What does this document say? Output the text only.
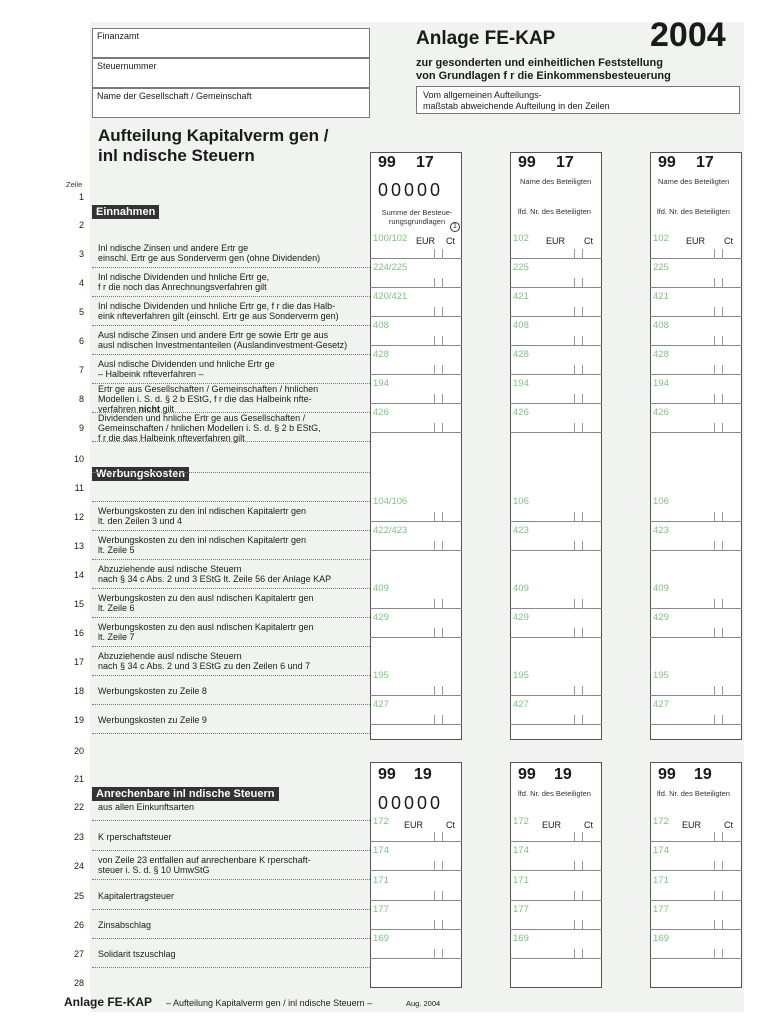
Finanzamt
Steuernummer
Name der Gesellschaft / Gemeinschaft
Anlage FE-KAP	2004
zur gesonderten und einheitlichen Feststellung
von Grundlagen f r die Einkommensbesteuerung
Vom allgemeinen Aufteilungs-
maßstab abweichende Aufteilung in den Zeilen
Aufteilung Kapitalverm gen /
inl ndische Steuern
Zeile
99 17	99 17	99 17
00000	Name des Beteiligten	Name des Beteiligten
lfd. Nr. des Beteiligten	lfd. Nr. des Beteiligten
Summe der Besteue-
rungsgrundlagen
1
EUR Ct	EUR Ct	EUR Ct
Einnahmen
Werbungskosten
Anrechenbare inl ndische Steuern
99 19	99 19	99 19
00000	lfd. Nr. des Beteiligten	lfd. Nr. des Beteiligten
EUR	Ct	EUR	Ct	EUR	Ct
1
2
3
Inl ndische Zinsen und andere Ertr ge
einschl. Ertr ge aus Sonderverm gen (ohne Dividenden)
100/102	102	102
4
Inl ndische Dividenden und hnliche Ertr ge,
f r die noch das Anrechnungsverfahren gilt
224/225	225	225
5
Inl ndische Dividenden und hnliche Ertr ge, f r die das Halb-
eink nfteverfahren gilt (einschl. Ertr ge aus Sonderverm gen)
420/421	421	421
6
Ausl ndische Zinsen und andere Ertr ge sowie Ertr ge aus
ausl ndischen Investmentanteilen (Auslandinvestment-Gesetz)
408	408	408
7
Ausl ndische Dividenden und hnliche Ertr ge
– Halbeink nfteverfahren –
428	428	428
8
Ertr ge aus Gesellschaften / Gemeinschaften / hnlichen
Modellen i. S. d. § 2 b EStG, f r die das Halbeink nfte-
verfahren nicht gilt
194	194	194
9
Dividenden und hnliche Ertr ge aus Gesellschaften /
Gemeinschaften / hnlichen Modellen i. S. d. § 2 b EStG,
f r die das Halbeink nfteverfahren gilt
426	426	426
10
11
12
Werbungskosten zu den inl ndischen Kapitalertr gen
lt. den Zeilen 3 und 4
104/106	106	106
13
Werbungskosten zu den inl ndischen Kapitalertr gen
lt. Zeile 5
422/423	423	423
14
Abzuziehende ausl ndische Steuern
nach § 34 c Abs. 2 und 3 EStG lt. Zeile 56 der Anlage KAP
15
Werbungskosten zu den ausl ndischen Kapitalertr gen
lt. Zeile 6
409	409	409
16
Werbungskosten zu den ausl ndischen Kapitalertr gen
lt. Zeile 7
429	429	429
17
Abzuziehende ausl ndische Steuern
nach § 34 c Abs. 2 und 3 EStG zu den Zeilen 6 und 7
18 Werbungskosten zu Zeile 8
195	195	195
19 Werbungskosten zu Zeile 9
427	427	427
20
21
22 aus allen Einkunftsarten
23 K rperschaftsteuer
172	172	172
24
von Zeile 23 entfallen auf anrechenbare K rperschaft-
steuer i. S. d. § 10 UmwStG
174	174	174
25 Kapitalertragsteuer
171	171	171
26 Zinsabschlag
177	177	177
27 Solidarit tszuschlag
169	169	169
28
Anlage FE-KAP – Aufteilung Kapitalverm gen / inl ndische Steuern –	Aug. 2004
